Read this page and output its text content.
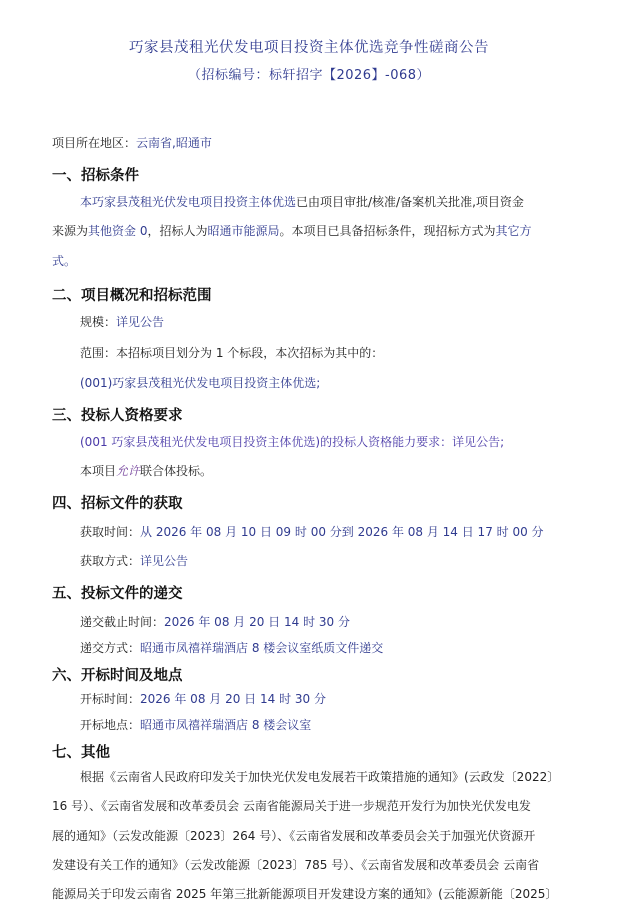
巧家县茂租光伏发电项目投资主体优选竞争性磋商公告
（招标编号：标轩招字【2026】-068）
项目所在地区：云南省,昭通市
一、招标条件
本巧家县茂租光伏发电项目投资主体优选已由项目审批/核准/备案机关批准,项目资金
来源为其他资金 0，招标人为昭通市能源局。本项目已具备招标条件，现招标方式为其它方
式。
二、项目概况和招标范围
规模：详见公告
范围：本招标项目划分为 1 个标段，本次招标为其中的：
(001)巧家县茂租光伏发电项目投资主体优选;
三、投标人资格要求
(001 巧家县茂租光伏发电项目投资主体优选)的投标人资格能力要求：详见公告;
本项目允许联合体投标。
四、招标文件的获取
获取时间：从 2026 年 08 月 10 日 09 时 00 分到 2026 年 08 月 14 日 17 时 00 分
获取方式：详见公告
五、投标文件的递交
递交截止时间：2026 年 08 月 20 日 14 时 30 分
递交方式：昭通市凤禧祥瑞酒店 8 楼会议室纸质文件递交
六、开标时间及地点
开标时间：2026 年 08 月 20 日 14 时 30 分
开标地点：昭通市凤禧祥瑞酒店 8 楼会议室
七、其他
根据《云南省人民政府印发关于加快光伏发电发展若干政策措施的通知》(云政发〔2022〕
16 号）、《云南省发展和改革委员会 云南省能源局关于进一步规范开发行为加快光伏发电发
展的通知》（云发改能源〔2023〕264 号）、《云南省发展和改革委员会关于加强光伏资源开
发建设有关工作的通知》（云发改能源〔2023〕785 号）、《云南省发展和改革委员会 云南省
能源局关于印发云南省 2025 年第三批新能源项目开发建设方案的通知》(云能源新能〔2025〕
